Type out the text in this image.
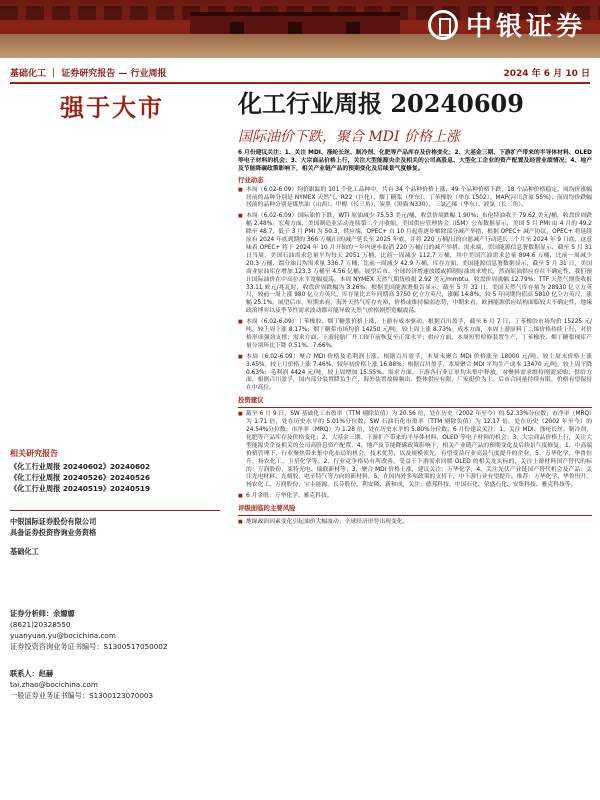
中银证券
基础化工 ｜ 证券研究报告 — 行业周报	2024 年 6 月 10 日
强于大市	化工行业周报 20240609
国际油价下跌，聚合 MDI 价格上涨
相关研究报告
《化工行业周报 20240602》20240602
《化工行业周报 20240526》20240526
《化工行业周报 20240519》20240519
中银国际证券股份有限公司
具备证券投资咨询业务资格
基础化工
证券分析师：余嫄嫄
(8621)20328550
yuanyuan.yu@bocichina.com
证券投资咨询业务证书编号：S1300517050002
联系人：赵赫
tai.zhao@bocichina.com
一般证券业务证书编号：S1300123070003

6 月份建议关注：1、关注 MDI、涤纶长丝、制冷剂、化肥等产品库存及价格变化；2、大基金三期、下游扩产带来的半导体材料、OLED 等电子材料的机会；3、大宗商品价格上行，关注大型能源央企及相关的公司高股息、大型化工企业的资产配置及经营业绩情况；4、地产及节能降碳政策影响下，相关产业链产品的预期变化及后续景气度修复。

行业动态

■ 本周（6.02-6.09）均价跟踪的 101 个化工品种中，共有 34 个品种价格上涨，49 个品种价格下跌，18 个品种价格稳定。周均价涨幅居前的品种分别是 NYMEX 天然气、R22（巨化）、烟丁糖浆（华东）、丁苯橡胶（华东 1502）、MAP(河川含氮 55%)；而周均价跌幅居前的品种分别是煤焦油（山西）、甲醇（长三角）、炭黑（黑猫 N330）、三氯乙烯（华东）、液氯（长三角）。

■ 本周（6.02-6.09）国际油价下跌，WTI 原油减少 75.53 美元/桶，收盘价周跌幅 1.90%；布伦特油收于 79.62 美元/桶，收盘价周跌幅 2.48%。宏观方面，美国制造业活动连续第二个月收缩，美国供应管理协会（ISM）公布数据显示，美国 5 月 PMI 由 4 月的 49.2 降至 48.7，低于 3 月 PMI 为 50.3，供应端，OPEC+ 自 10 月起将逐步解除部分减产举措，根据 OPEC+ 减产协议，OPEC+ 将延续原有 2024 年底到期的 366 万桶/日的减产延长至 2025 年底，并将 220 万桶/日的自愿减产行动延长三个月至 2024 年 9 月底，这意味着 OPEC+ 将于 2024 年 10 月开始的一年内逐步取消 220 万桶/日的减产举措。需求端，美国能源信息署数据显示，截至 5 月 31 日当周，美国石油需求总量平均每天 2051 万桶，比前一周减少 112.7 万桶，其中美国汽油需求总量 894.6 万桶，比前一周减少 20.3 万桶，馏分油日均需求量 336.7 万桶，比前一周减少 42.9 万桶，库存方面，美国能源信息署数据显示，截至 5 月 31 日，美国商业原油库存增加 123.3 万桶至 4.56 亿桶。展望后市，全球经济增速放缓或抑制原油需求增长，然而原油供应存在不确定性，我们预计国际油价在中高位水平宽幅震荡。本周 NYMEX 天然气期货收报 2.92 美元/mmbtu，收盘价周涨幅 12.79%；TTF 天然气期货收报 33.11 欧元/兆瓦时，收盘价周跌幅为 3.26%。根据美国能源署报告显示，截至 5 月 31 日，美国天然气库存量为 28930 亿立方英尺，较前一周上涨 980 亿立方英尺，库存量比去年同期高 3750 亿立方英尺，涨幅 14.8%，较 5 年同期均值高 5810 亿立方英尺，涨幅 25.1%。展望后市，短期来看，海外天然气库存充裕，价格或维持偏弱态势，中期来看，欧洲能源供应结构面临较大不确定性，地缘政治博弈以及季节性需求波动都可能导致天然气价格剧烈宽幅震荡。

■ 本周（6.02-6.09）丁苯橡胶、烟丁糖浆价格上涨，上游有成本驱动。根据百川盈孚，截至 6 月 7 日，丁苯橡胶市场均价 15225 元/吨，较上周上涨 8.17%；烟丁糖浆市场均价 14250 元/吨，较上周上涨 8.73%。成本方面，本周上游原料丁二烯价格持续上行，对价格形成强劲支撑；需求方面，下游轮胎厂开工较节前恢复至正常水平；供应方面，本周短暂检修装置生产，丁苯橡胶、烟丁糖浆现库产量分别环比下降 0.51%、7.66%。

■ 本周（6.02-6.09）聚合 MDI 价格及毛利润上涨。根据百川盈孚，本周末聚合 MDI 价格涨至 18000 元/吨，较上周末价格上涨 3.45%，较上月价格上涨 7.46%，较年初价格上涨 16.88%；根据百川盈孚，本周聚合 MDI 平均生产成本 13470 元/吨，较上周下降 0.63%；毛利润 4424 元/吨，较上周增加 15.55%。需求方面，下游各行业订单均未集中释放，对聚料需求维持刚需采购；供给方面，根据百川盈孚，国内部分装置降负生产，海外装置故障频出，整体供应有限，厂家挺价为主。后市合同量持续有限，价格有望保持在中高位。

投资建议

■ 截至 6 月 9 日，SW 基础化工市盈率（TTM 剔除负值）为 20.56 倍，处在历史（2002 年至今）的 52.33%分位数；市净率（MRQ）为 1.71 倍，处在历史水平的 5.01%分位数。SW 石油石化市盈率（TTM 剔除负值）为 12.17 倍，处在历史（2002 年至今）的 24.54%分位数；市净率（MRQ）为 1.28 倍，处在历史水平的 5.80%分位数。6 月份建议关注：1、关注 MDI、涤纶长丝、制冷剂、化肥等产品库存及价格变化；2、大基金三期、下游扩产带来的半导体材料、OLED 等电子材料的机会；3、大宗商品价格上行，关注大型能源央企及相关的公司高股息资产配置，4、地产及节能降碳政策影响下，相关产业链产品的预期变化及后续景气度修复。1、中高端价格管理下，行业聚焦带来集中化布局的机会，技术优势，以及规模领先，有望受益行业高景气度提升的企业，5、万华化学、华鲁恒升、扬农化工、卫星化学等。2、行业竞争格局有所改善，受益于下游需求回暖 OLED 的相关龙头标的，关注上游材料国产替代的标的：万润股份、莱特光电、瑞联新材等；3、聚合 MDI 价格上涨，建议关注：万华化学，4、关注光伏产业链国产替代机会及产品：关注光电材料、光刻胶、电子特气等方向的新材料，5、在国内外多项政策的支持下，中下游行业有望提升。推荐：万华化学、华鲁恒升、扬农化工、万润股份、宝丰能源、长芬股份、利安隆、新和成，关注：德邦科技、中国石化、荣盛石化、安集科技、雅克科技等。

■ 6 月金股：万华化学、雅克科技。

评级面临的主要风险

■ 地缘政治因素变化引起油价大幅波动；全球经济形势出现变化。
